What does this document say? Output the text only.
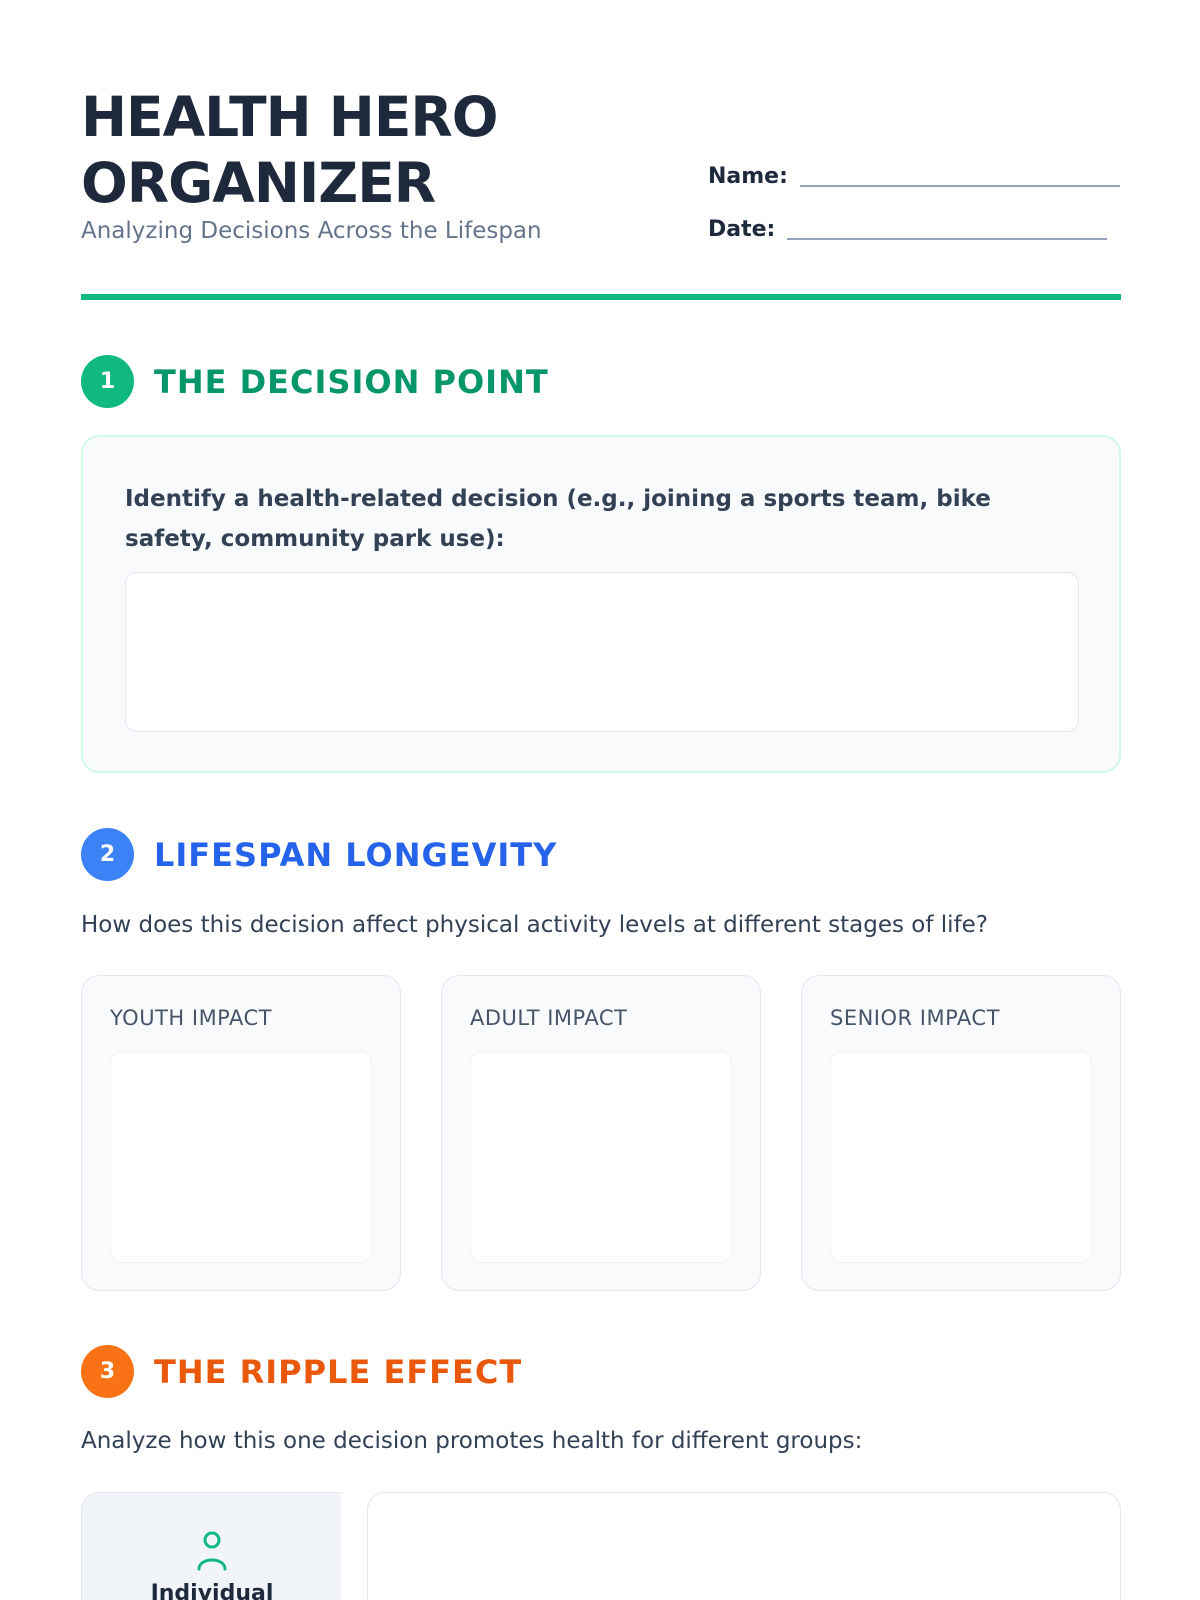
HEALTH HERO ORGANIZER
Analyzing Decisions Across the Lifespan
Name:
Date:
1	THE DECISION POINT
Identify a health-related decision (e.g., joining a sports team, bike safety, community park use):
2	LIFESPAN LONGEVITY
How does this decision affect physical activity levels at different stages of life?
YOUTH IMPACT	ADULT IMPACT	SENIOR IMPACT
3	THE RIPPLE EFFECT
Analyze how this one decision promotes health for different groups:
Individual
